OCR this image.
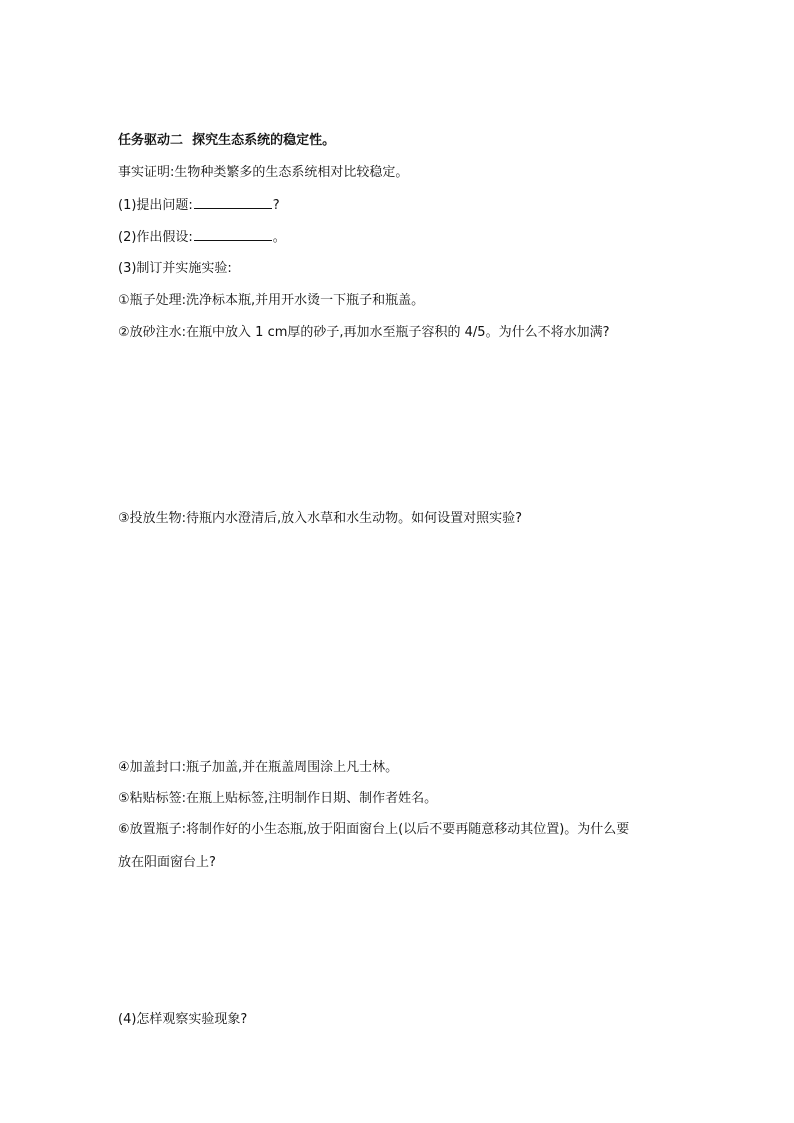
任务驱动二 探究生态系统的稳定性。
事实证明:生物种类繁多的生态系统相对比较稳定。
(1)提出问题:	?
(2)作出假设:	。
(3)制订并实施实验:
①瓶子处理:洗净标本瓶,并用开水烫一下瓶子和瓶盖。
②放砂注水:在瓶中放入 1 cm厚的砂子,再加水至瓶子容积的 4/5。为什么不将水加满?
③投放生物:待瓶内水澄清后,放入水草和水生动物。如何设置对照实验?
④加盖封口:瓶子加盖,并在瓶盖周围涂上凡士林。
⑤粘贴标签:在瓶上贴标签,注明制作日期、制作者姓名。
⑥放置瓶子:将制作好的小生态瓶,放于阳面窗台上(以后不要再随意移动其位置)。为什么要
放在阳面窗台上?
(4)怎样观察实验现象?
